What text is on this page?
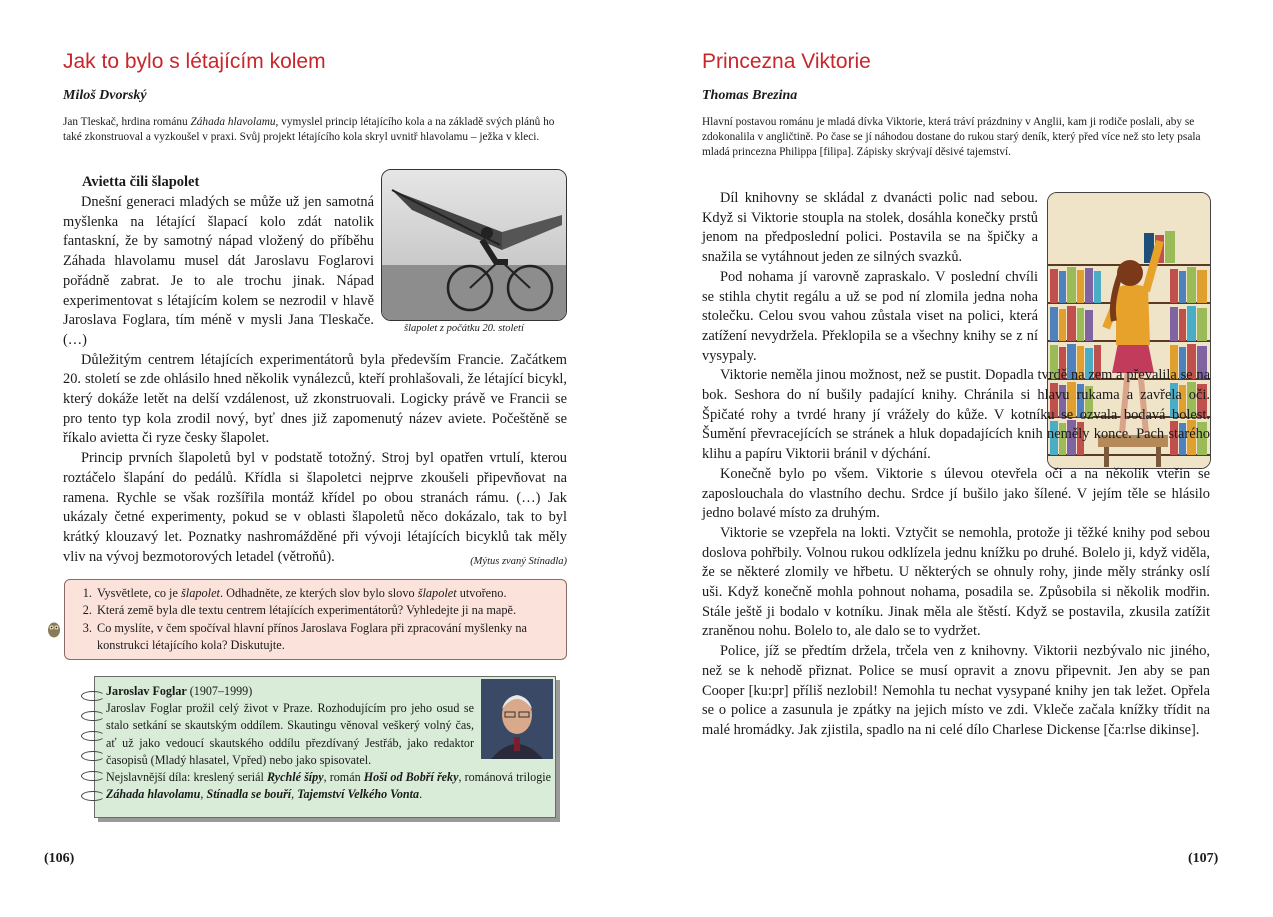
Jak to bylo s létajícím kolem

Miloš Dvorský

Jan Tleskač, hrdina románu Záhada hlavolamu, vymyslel princip létajícího kola a na základě svých plánů ho také zkonstruoval a vyzkoušel v praxi. Svůj projekt létajícího kola skryl uvnitř hlavolamu – ježka v kleci.

Avietta čili šlapolet

šlapolet z počátku 20. století

Dnešní generaci mladých se může už jen samotná myšlenka na létající šlapací kolo zdát natolik fantaskní, že by samotný nápad vložený do příběhu Záhada hlavolamu musel dát Jaroslavu Foglarovi pořádně zabrat. Je to ale trochu jinak. Nápad experimentovat s létajícím kolem se nezrodil v hlavě Jaroslava Foglara, tím méně v mysli Jana Tleskače. (…)

Důležitým centrem létajících experimentátorů byla především Francie. Začátkem 20. století se zde ohlásilo hned několik vynálezců, kteří prohlašovali, že létající bicykl, který dokáže letět na delší vzdálenost, už zkonstruovali. Logicky právě ve Francii se pro tento typ kola zrodil nový, byť dnes již zapomenutý název aviete. Počeštěně se říkalo avietta či ryze česky šlapolet.

Princip prvních šlapoletů byl v podstatě totožný. Stroj byl opatřen vrtulí, kterou roztáčelo šlapání do pedálů. Křídla si šlapoletci nejprve zkoušeli připevňovat na ramena. Rychle se však rozšířila montáž křídel po obou stranách rámu. (…) Jak ukázaly četné experimenty, pokud se v oblasti šlapoletů něco dokázalo, tak to byl krátký klouzavý let. Poznatky nashromážděné při vývoji létajících bicyklů tak měly vliv na vývoj bezmotorových letadel (větroňů).	(Mýtus zvaný Stínadla)

1. Vysvětlete, co je šlapolet. Odhadněte, ze kterých slov bylo slovo šlapolet utvořeno.
2. Která země byla dle textu centrem létajících experimentátorů? Vyhledejte ji na mapě.
3. Co myslíte, v čem spočíval hlavní přínos Jaroslava Foglara při zpracování myšlenky na konstrukci létajícího kola? Diskutujte.

Jaroslav Foglar (1907–1999)

Jaroslav Foglar prožil celý život v Praze. Rozhodujícím pro jeho osud se stalo setkání se skautským oddílem. Skautingu věnoval veškerý volný čas, ať už jako vedoucí skautského oddílu přezdívaný Jestřáb, jako redaktor časopisů (Mladý hlasatel, Vpřed) nebo jako spisovatel.

Nejslavnější díla: kreslený seriál Rychlé šípy, román Hoši od Bobří řeky, románová trilogie Záhada hlavolamu, Stínadla se bouří, Tajemství Velkého Vonta.

(106)

Princezna Viktorie

Thomas Brezina

Hlavní postavou románu je mladá dívka Viktorie, která tráví prázdniny v Anglii, kam ji rodiče poslali, aby se zdokonalila v angličtině. Po čase se jí náhodou dostane do rukou starý deník, který před více než sto lety psala mladá princezna Philippa [filipa]. Zápisky skrývají děsivé tajemství.

Díl knihovny se skládal z dvanácti polic nad sebou. Když si Viktorie stoupla na stolek, dosáhla konečky prstů jenom na předposlední polici. Postavila se na špičky a snažila se vytáhnout jeden ze silných svazků.

Pod nohama jí varovně zapraskalo. V poslední chvíli se stihla chytit regálu a už se pod ní zlomila jedna noha stolečku. Celou svou vahou zůstala viset na polici, která zatížení nevydržela. Překlopila se a všechny knihy se z ní vysypaly.

Viktorie neměla jinou možnost, než se pustit. Dopadla tvrdě na zem a převalila se na bok. Seshora do ní bušily padající knihy. Chránila si hlavu rukama a zavřela oči. Špičaté rohy a tvrdé hrany jí vrážely do kůže. V kotníku se ozvala bodavá bolest. Šumění převracejících se stránek a hluk dopadajících knih neměly konce. Pach starého klihu a papíru Viktorii bránil v dýchání.

Konečně bylo po všem. Viktorie s úlevou otevřela oči a na několik vteřin se zaposlouchala do vlastního dechu. Srdce jí bušilo jako šílené. V jejím těle se hlásilo jedno bolavé místo za druhým.

Viktorie se vzepřela na lokti. Vztyčit se nemohla, protože ji těžké knihy pod sebou doslova pohřbily. Volnou rukou odklízela jednu knížku po druhé. Bolelo ji, když viděla, že se některé zlomily ve hřbetu. U některých se ohnuly rohy, jinde měly stránky oslí uši. Když konečně mohla pohnout nohama, posadila se. Způsobila si několik modřin. Stále ještě ji bodalo v kotníku. Jinak měla ale štěstí. Když se postavila, zkusila zatížit zraněnou nohu. Bolelo to, ale dalo se to vydržet.

Police, jíž se předtím držela, trčela ven z knihovny. Viktorii nezbývalo nic jiného, než se k nehodě přiznat. Police se musí opravit a znovu připevnit. Jen aby se pan Cooper [ku:pr] příliš nezlobil! Nemohla tu nechat vysypané knihy jen tak ležet. Opřela se o police a zasunula je zpátky na jejich místo ve zdi. Vkleče začala knížky třídit na malé hromádky. Jak zjistila, spadlo na ni celé dílo Charlese Dickense [ča:rlse dikinse].

(107)
